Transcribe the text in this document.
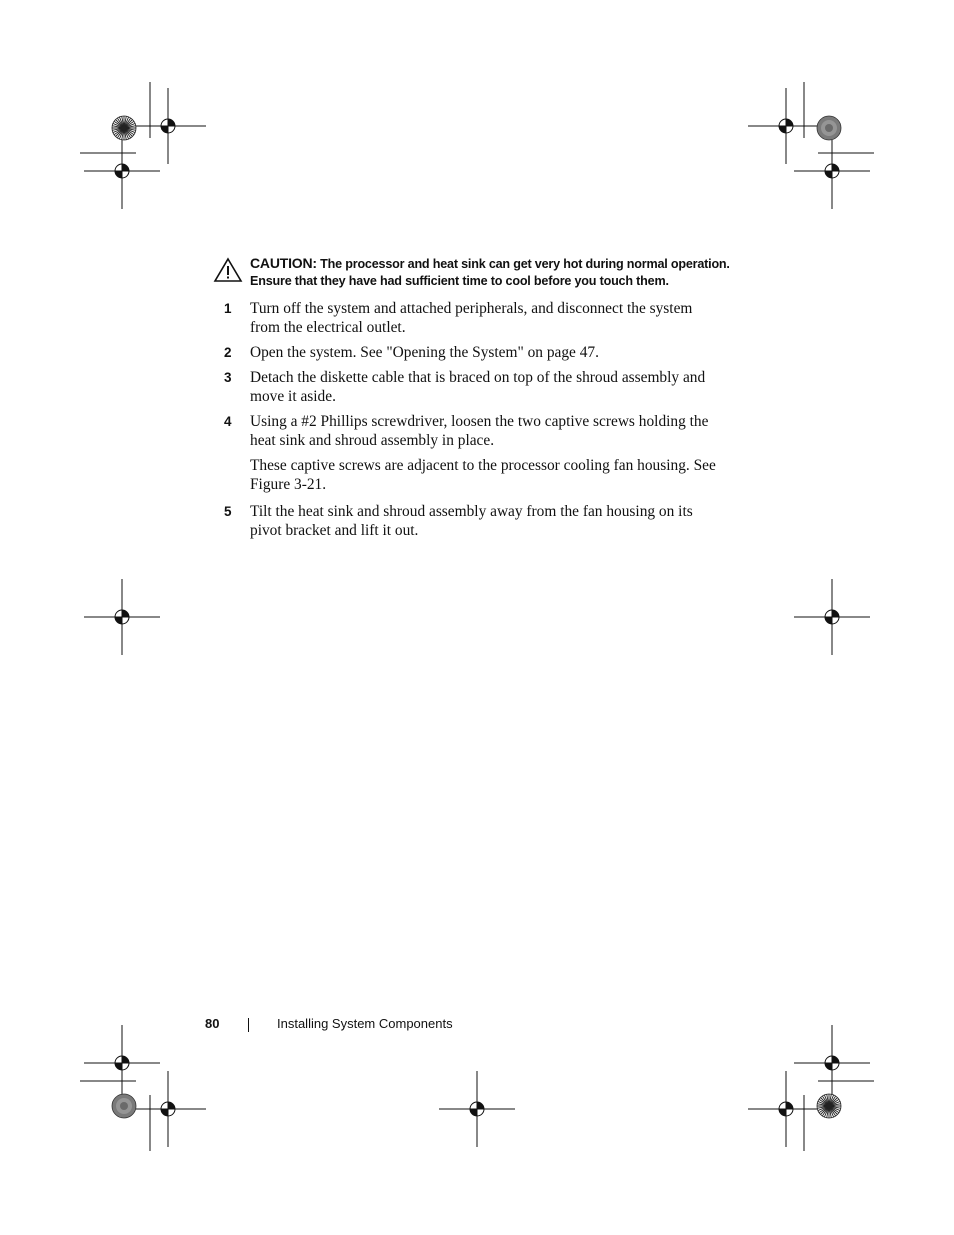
CAUTION: The processor and heat sink can get very hot during normal operation. Ensure that they have had sufficient time to cool before you touch them.
1 Turn off the system and attached peripherals, and disconnect the system from the electrical outlet.
2 Open the system. See "Opening the System" on page 47.
3 Detach the diskette cable that is braced on top of the shroud assembly and move it aside.
4 Using a #2 Phillips screwdriver, loosen the two captive screws holding the heat sink and shroud assembly in place.
These captive screws are adjacent to the processor cooling fan housing. See Figure 3-21.
5 Tilt the heat sink and shroud assembly away from the fan housing on its pivot bracket and lift it out.
80	Installing System Components
